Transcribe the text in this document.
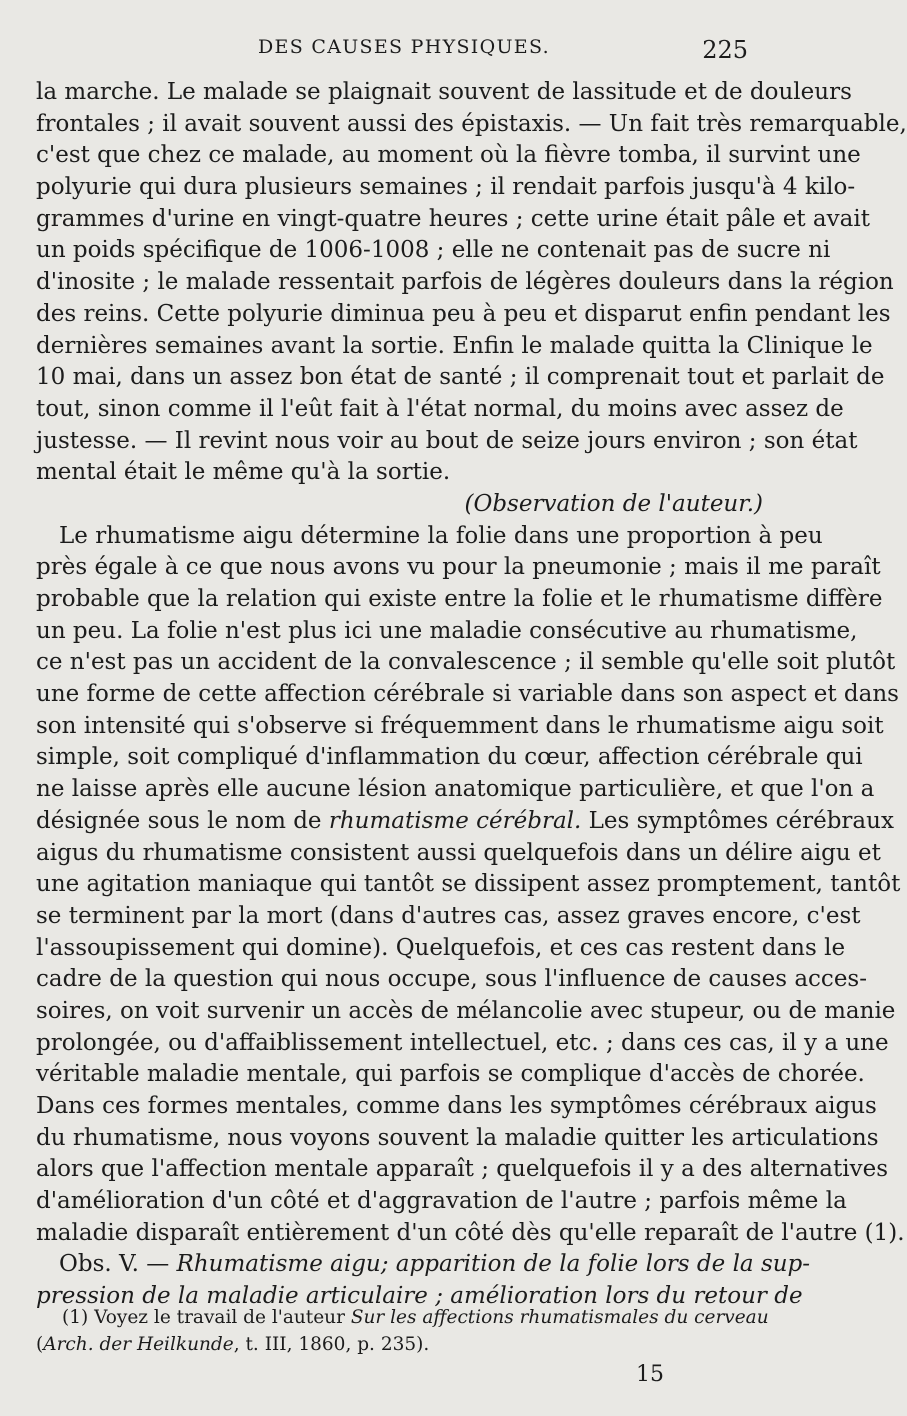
DES CAUSES PHYSIQUES.	225
la marche. Le malade se plaignait souvent de lassitude et de douleurs
frontales ; il avait souvent aussi des épistaxis. — Un fait très remarquable,
c'est que chez ce malade, au moment où la fièvre tomba, il survint une
polyurie qui dura plusieurs semaines ; il rendait parfois jusqu'à 4 kilo-
grammes d'urine en vingt-quatre heures ; cette urine était pâle et avait
un poids spécifique de 1006-1008 ; elle ne contenait pas de sucre ni
d'inosite ; le malade ressentait parfois de légères douleurs dans la région
des reins. Cette polyurie diminua peu à peu et disparut enfin pendant les
dernières semaines avant la sortie. Enfin le malade quitta la Clinique le
10 mai, dans un assez bon état de santé ; il comprenait tout et parlait de
tout, sinon comme il l'eût fait à l'état normal, du moins avec assez de
justesse. — Il revint nous voir au bout de seize jours environ ; son état
mental était le même qu'à la sortie.
(Observation de l'auteur.)
Le rhumatisme aigu détermine la folie dans une proportion à peu
près égale à ce que nous avons vu pour la pneumonie ; mais il me paraît
probable que la relation qui existe entre la folie et le rhumatisme diffère
un peu. La folie n'est plus ici une maladie consécutive au rhumatisme,
ce n'est pas un accident de la convalescence ; il semble qu'elle soit plutôt
une forme de cette affection cérébrale si variable dans son aspect et dans
son intensité qui s'observe si fréquemment dans le rhumatisme aigu soit
simple, soit compliqué d'inflammation du cœur, affection cérébrale qui
ne laisse après elle aucune lésion anatomique particulière, et que l'on a
désignée sous le nom de rhumatisme cérébral. Les symptômes cérébraux
aigus du rhumatisme consistent aussi quelquefois dans un délire aigu et
une agitation maniaque qui tantôt se dissipent assez promptement, tantôt
se terminent par la mort (dans d'autres cas, assez graves encore, c'est
l'assoupissement qui domine). Quelquefois, et ces cas restent dans le
cadre de la question qui nous occupe, sous l'influence de causes acces-
soires, on voit survenir un accès de mélancolie avec stupeur, ou de manie
prolongée, ou d'affaiblissement intellectuel, etc. ; dans ces cas, il y a une
véritable maladie mentale, qui parfois se complique d'accès de chorée.
Dans ces formes mentales, comme dans les symptômes cérébraux aigus
du rhumatisme, nous voyons souvent la maladie quitter les articulations
alors que l'affection mentale apparaît ; quelquefois il y a des alternatives
d'amélioration d'un côté et d'aggravation de l'autre ; parfois même la
maladie disparaît entièrement d'un côté dès qu'elle reparaît de l'autre (1).
Obs. V. — Rhumatisme aigu; apparition de la folie lors de la sup-
pression de la maladie articulaire ; amélioration lors du retour de
(1) Voyez le travail de l'auteur Sur les affections rhumatismales du cerveau
(Arch. der Heilkunde, t. III, 1860, p. 235).
15
